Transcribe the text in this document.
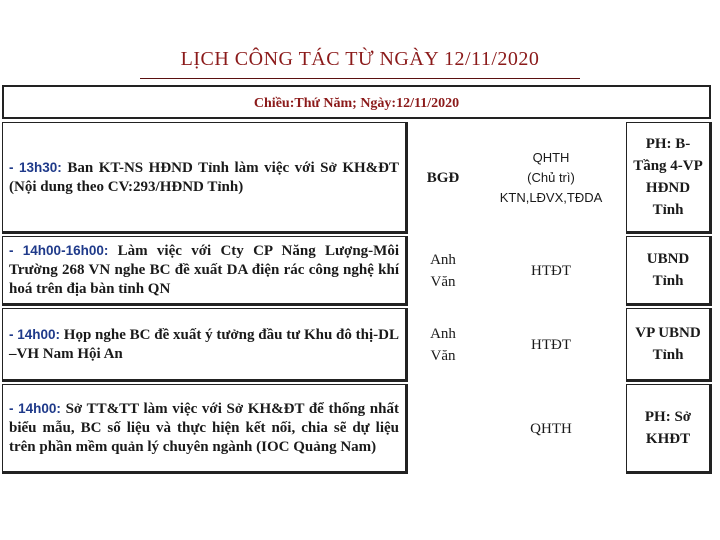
LỊCH CÔNG TÁC TỪ NGÀY 12/11/2020
Chiều:Thứ Năm; Ngày:12/11/2020
- 13h30: Ban KT-NS HĐND Tỉnh làm việc với Sở KH&ĐT (Nội dung theo CV:293/HĐND Tỉnh)
BGĐ
QHTH
(Chủ trì)
KTN,LĐVX,TĐDA
PH: B-Tầng 4-VP HĐND Tỉnh
- 14h00-16h00: Làm việc với Cty CP Năng Lượng-Môi Trường 268 VN nghe BC đề xuất DA điện rác công nghệ khí hoá trên địa bàn tỉnh QN
Anh
Văn
HTĐT
UBND Tỉnh
- 14h00: Họp nghe BC đề xuất ý tưởng đầu tư Khu đô thị-DL –VH Nam Hội An
Anh
Văn
HTĐT
VP UBND Tỉnh
- 14h00: Sở TT&TT làm việc với Sở KH&ĐT để thống nhất biểu mẫu, BC số liệu và thực hiện kết nối, chia sẽ dự liệu trên phần mềm quản lý chuyên ngành (IOC Quảng Nam)
QHTH
PH: Sở KHĐT
